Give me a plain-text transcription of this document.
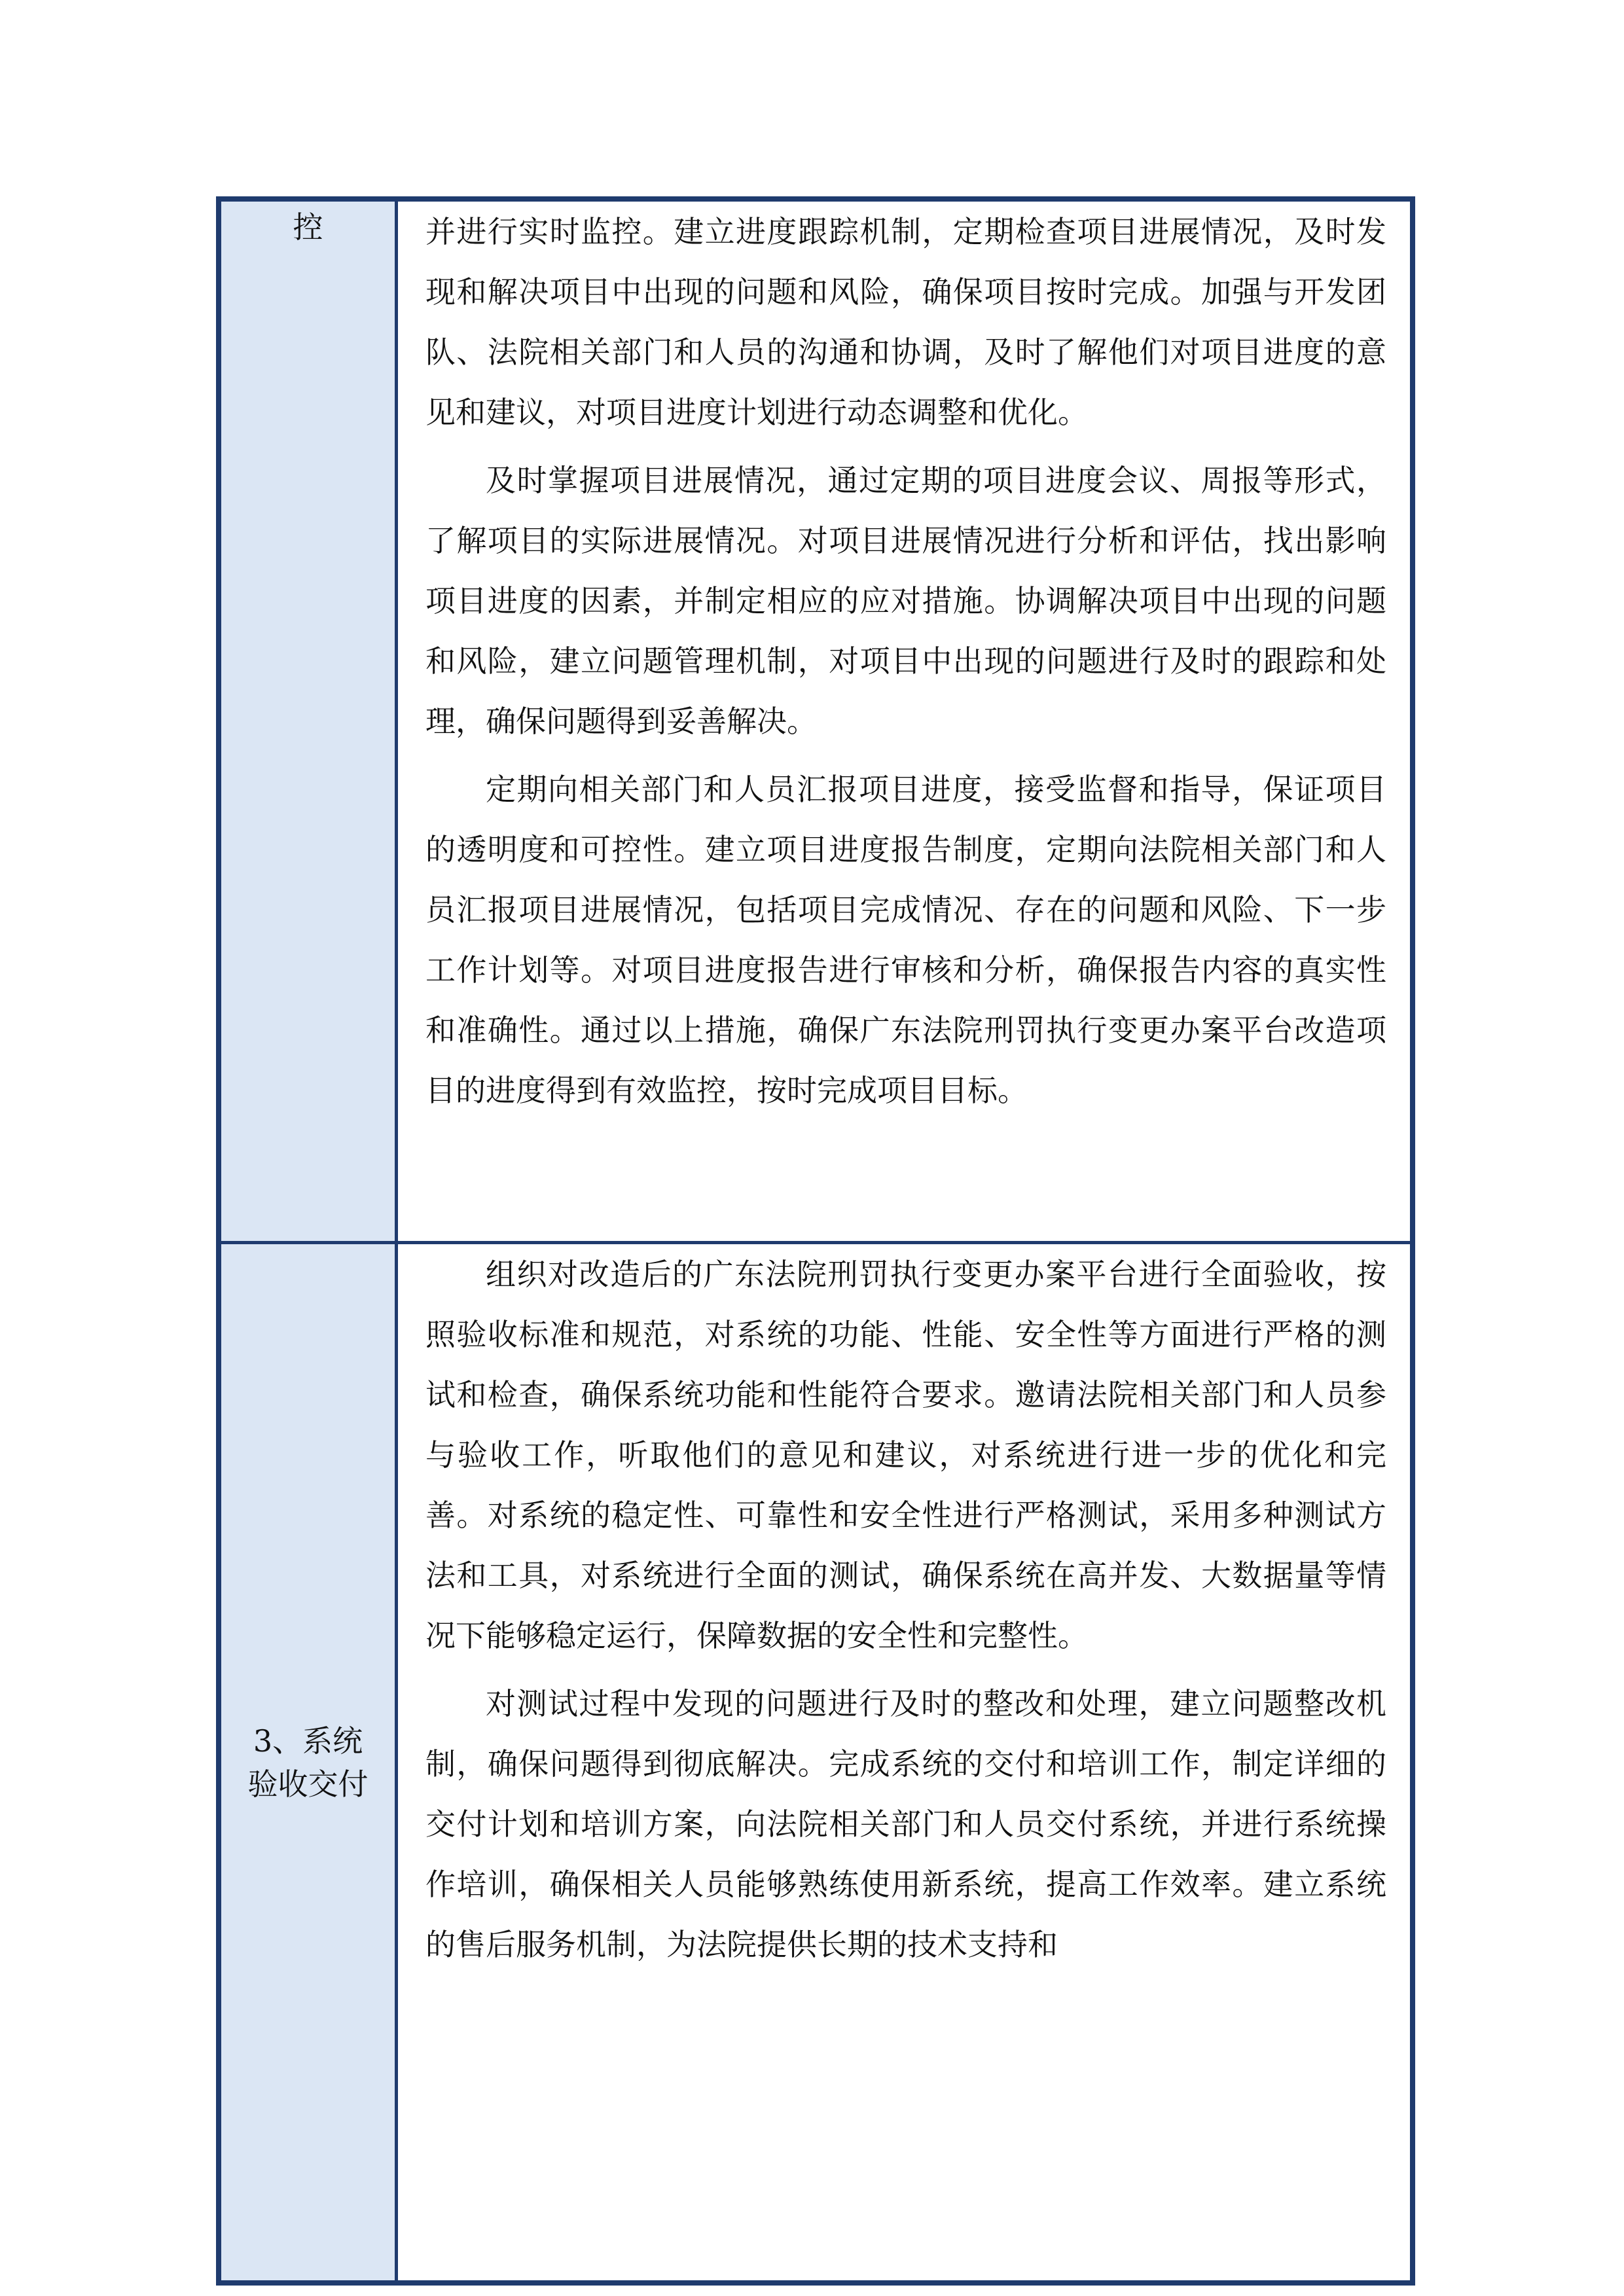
控	并进行实时监控。建立进度跟踪机制，定期检查项目进展情况，及时发现和解决项目中出现的问题和风险，确保项目按时完成。加强与开发团队、法院相关部门和人员的沟通和协调，及时了解他们对项目进度的意见和建议，对项目进度计划进行动态调整和优化。

及时掌握项目进展情况，通过定期的项目进度会议、周报等形式，了解项目的实际进展情况。对项目进展情况进行分析和评估，找出影响项目进度的因素，并制定相应的应对措施。协调解决项目中出现的问题和风险，建立问题管理机制，对项目中出现的问题进行及时的跟踪和处理，确保问题得到妥善解决。

定期向相关部门和人员汇报项目进度，接受监督和指导，保证项目的透明度和可控性。建立项目进度报告制度，定期向法院相关部门和人员汇报项目进展情况，包括项目完成情况、存在的问题和风险、下一步工作计划等。对项目进度报告进行审核和分析，确保报告内容的真实性和准确性。通过以上措施，确保广东法院刑罚执行变更办案平台改造项目的进度得到有效监控，按时完成项目目标。

3、系统验收交付

组织对改造后的广东法院刑罚执行变更办案平台进行全面验收，按照验收标准和规范，对系统的功能、性能、安全性等方面进行严格的测试和检查，确保系统功能和性能符合要求。邀请法院相关部门和人员参与验收工作，听取他们的意见和建议，对系统进行进一步的优化和完善。对系统的稳定性、可靠性和安全性进行严格测试，采用多种测试方法和工具，对系统进行全面的测试，确保系统在高并发、大数据量等情况下能够稳定运行，保障数据的安全性和完整性。

对测试过程中发现的问题进行及时的整改和处理，建立问题整改机制，确保问题得到彻底解决。完成系统的交付和培训工作，制定详细的交付计划和培训方案，向法院相关部门和人员交付系统，并进行系统操作培训，确保相关人员能够熟练使用新系统，提高工作效率。建立系统的售后服务机制，为法院提供长期的技术支持和
